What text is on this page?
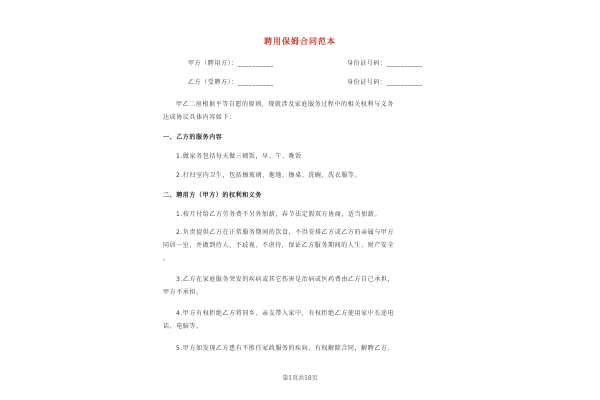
聘用保姆合同范本
甲方（聘用方）：__________	身份证号码：__________
乙方（受聘方）：__________	身份证号码：__________
甲乙二房根据平等自愿的原则，现就涉及家庭服务过程中的相关权利与义务
达成协议具体内容如下：
一、乙方的服务内容
1.做家务包括每天做三顿饭，早、午、晚饭
2.打扫室内卫生，包括擦玻璃、拖地、擦桌、洗碗、洗衣服等。
二、聘用方（甲方）的权利和义务
1.按月付给乙方劳务费不另外加薪，春节法定假双方协商，适当加薪。
2.负责提供乙方在正常服务期间的饮食，不得安排乙方或乙方的亲属与甲方
同居一室，并做到待人、不歧视、不虐待，保证乙方服务期间的人生、财产安全
。
3.乙方在家庭服务突发的疾病或其它伤害是治病或医药费由乙方自己承担，
甲方不承担。
4.甲方有权拒绝乙方将同乡、亲友带入家中，有权拒绝乙方使用家中长途电
话、电脑等。
5.甲方如发现乙方患有不胜任家政服务的疾病，有权解除合同，解聘乙方。
第1页共18页
